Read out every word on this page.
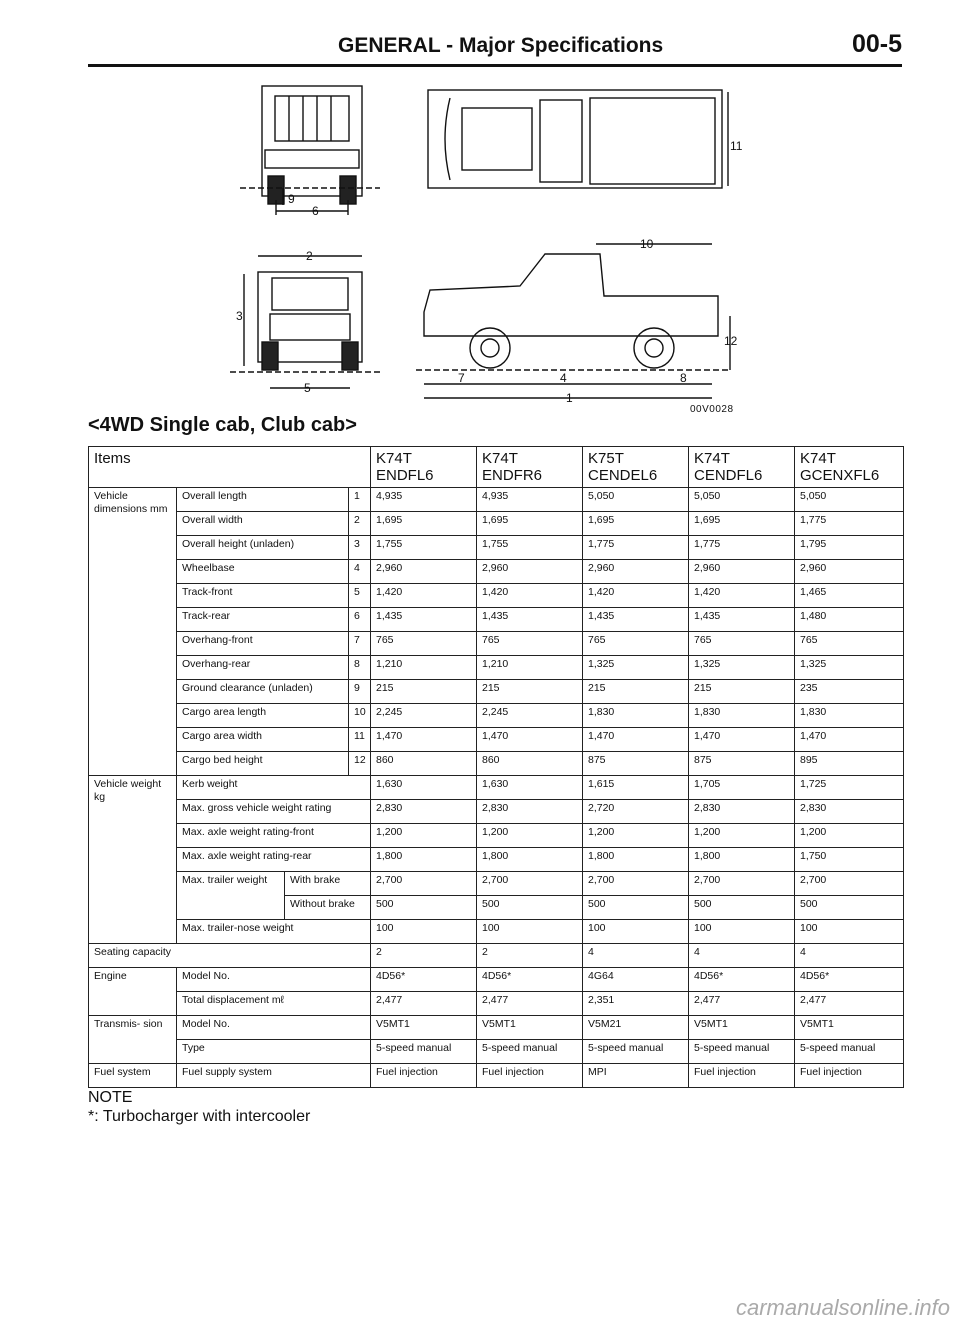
GENERAL - Major Specifications	00-5
9
6
11
2
3
5
10
12
7	4	8
1
00V0028
<4WD Single cab, Club cab>
Items				K74T ENDFL6	K74T ENDFR6	K75T CENDEL6	K74T CENDFL6	K74T GCENXFL6
Vehicle dimensions mm	Overall length		1	4,935	4,935	5,050	5,050	5,050
	Overall width		2	1,695	1,695	1,695	1,695	1,775
	Overall height (unladen)		3	1,755	1,755	1,775	1,775	1,795
	Wheelbase		4	2,960	2,960	2,960	2,960	2,960
	Track-front		5	1,420	1,420	1,420	1,420	1,465
	Track-rear		6	1,435	1,435	1,435	1,435	1,480
	Overhang-front		7	765	765	765	765	765
	Overhang-rear		8	1,210	1,210	1,325	1,325	1,325
	Ground clearance (unladen)		9	215	215	215	215	235
	Cargo area length		10	2,245	2,245	1,830	1,830	1,830
	Cargo area width		11	1,470	1,470	1,470	1,470	1,470
	Cargo bed height		12	860	860	875	875	895
Vehicle weight kg	Kerb weight			1,630	1,630	1,615	1,705	1,725
	Max. gross vehicle weight rating			2,830	2,830	2,720	2,830	2,830
	Max. axle weight rating-front			1,200	1,200	1,200	1,200	1,200
	Max. axle weight rating-rear			1,800	1,800	1,800	1,800	1,750
	Max. trailer weight	With brake		2,700	2,700	2,700	2,700	2,700
		Without brake		500	500	500	500	500
	Max. trailer-nose weight			100	100	100	100	100
Seating capacity				2	2	4	4	4
Engine	Model No.			4D56*	4D56*	4G64	4D56*	4D56*
	Total displacement mℓ			2,477	2,477	2,351	2,477	2,477
Transmis- sion	Model No.			V5MT1	V5MT1	V5M21	V5MT1	V5MT1
	Type			5-speed manual	5-speed manual	5-speed manual	5-speed manual	5-speed manual
Fuel system	Fuel supply system			Fuel injection	Fuel injection	MPI	Fuel injection	Fuel injection
NOTE
*: Turbocharger with intercooler
carmanualsonline.info
